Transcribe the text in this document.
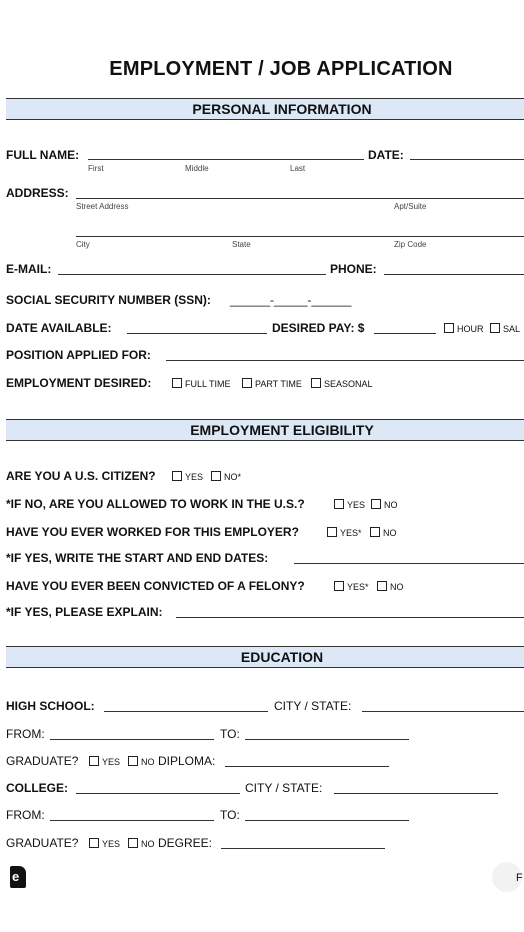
EMPLOYMENT / JOB APPLICATION
PERSONAL INFORMATION
FULL NAME:
First	Middle	Last
DATE:
ADDRESS:
Street Address	Apt/Suite
City	State	Zip Code
E-MAIL:	PHONE:
SOCIAL SECURITY NUMBER (SSN): ______-_____-______
DATE AVAILABLE:	DESIRED PAY: $	HOUR	SAL
POSITION APPLIED FOR:
EMPLOYMENT DESIRED:	FULL TIME	PART TIME	SEASONAL
EMPLOYMENT ELIGIBILITY
ARE YOU A U.S. CITIZEN?	YES	NO*
*IF NO, ARE YOU ALLOWED TO WORK IN THE U.S.?	YES	NO
HAVE YOU EVER WORKED FOR THIS EMPLOYER?	YES*	NO
*IF YES, WRITE THE START AND END DATES:
HAVE YOU EVER BEEN CONVICTED OF A FELONY?	YES*	NO
*IF YES, PLEASE EXPLAIN:
EDUCATION
HIGH SCHOOL:	CITY / STATE:
FROM:	TO:
GRADUATE?	YES	NO DIPLOMA:
COLLEGE:	CITY / STATE:
FROM:	TO:
GRADUATE?	YES	NO DEGREE:
e	F
